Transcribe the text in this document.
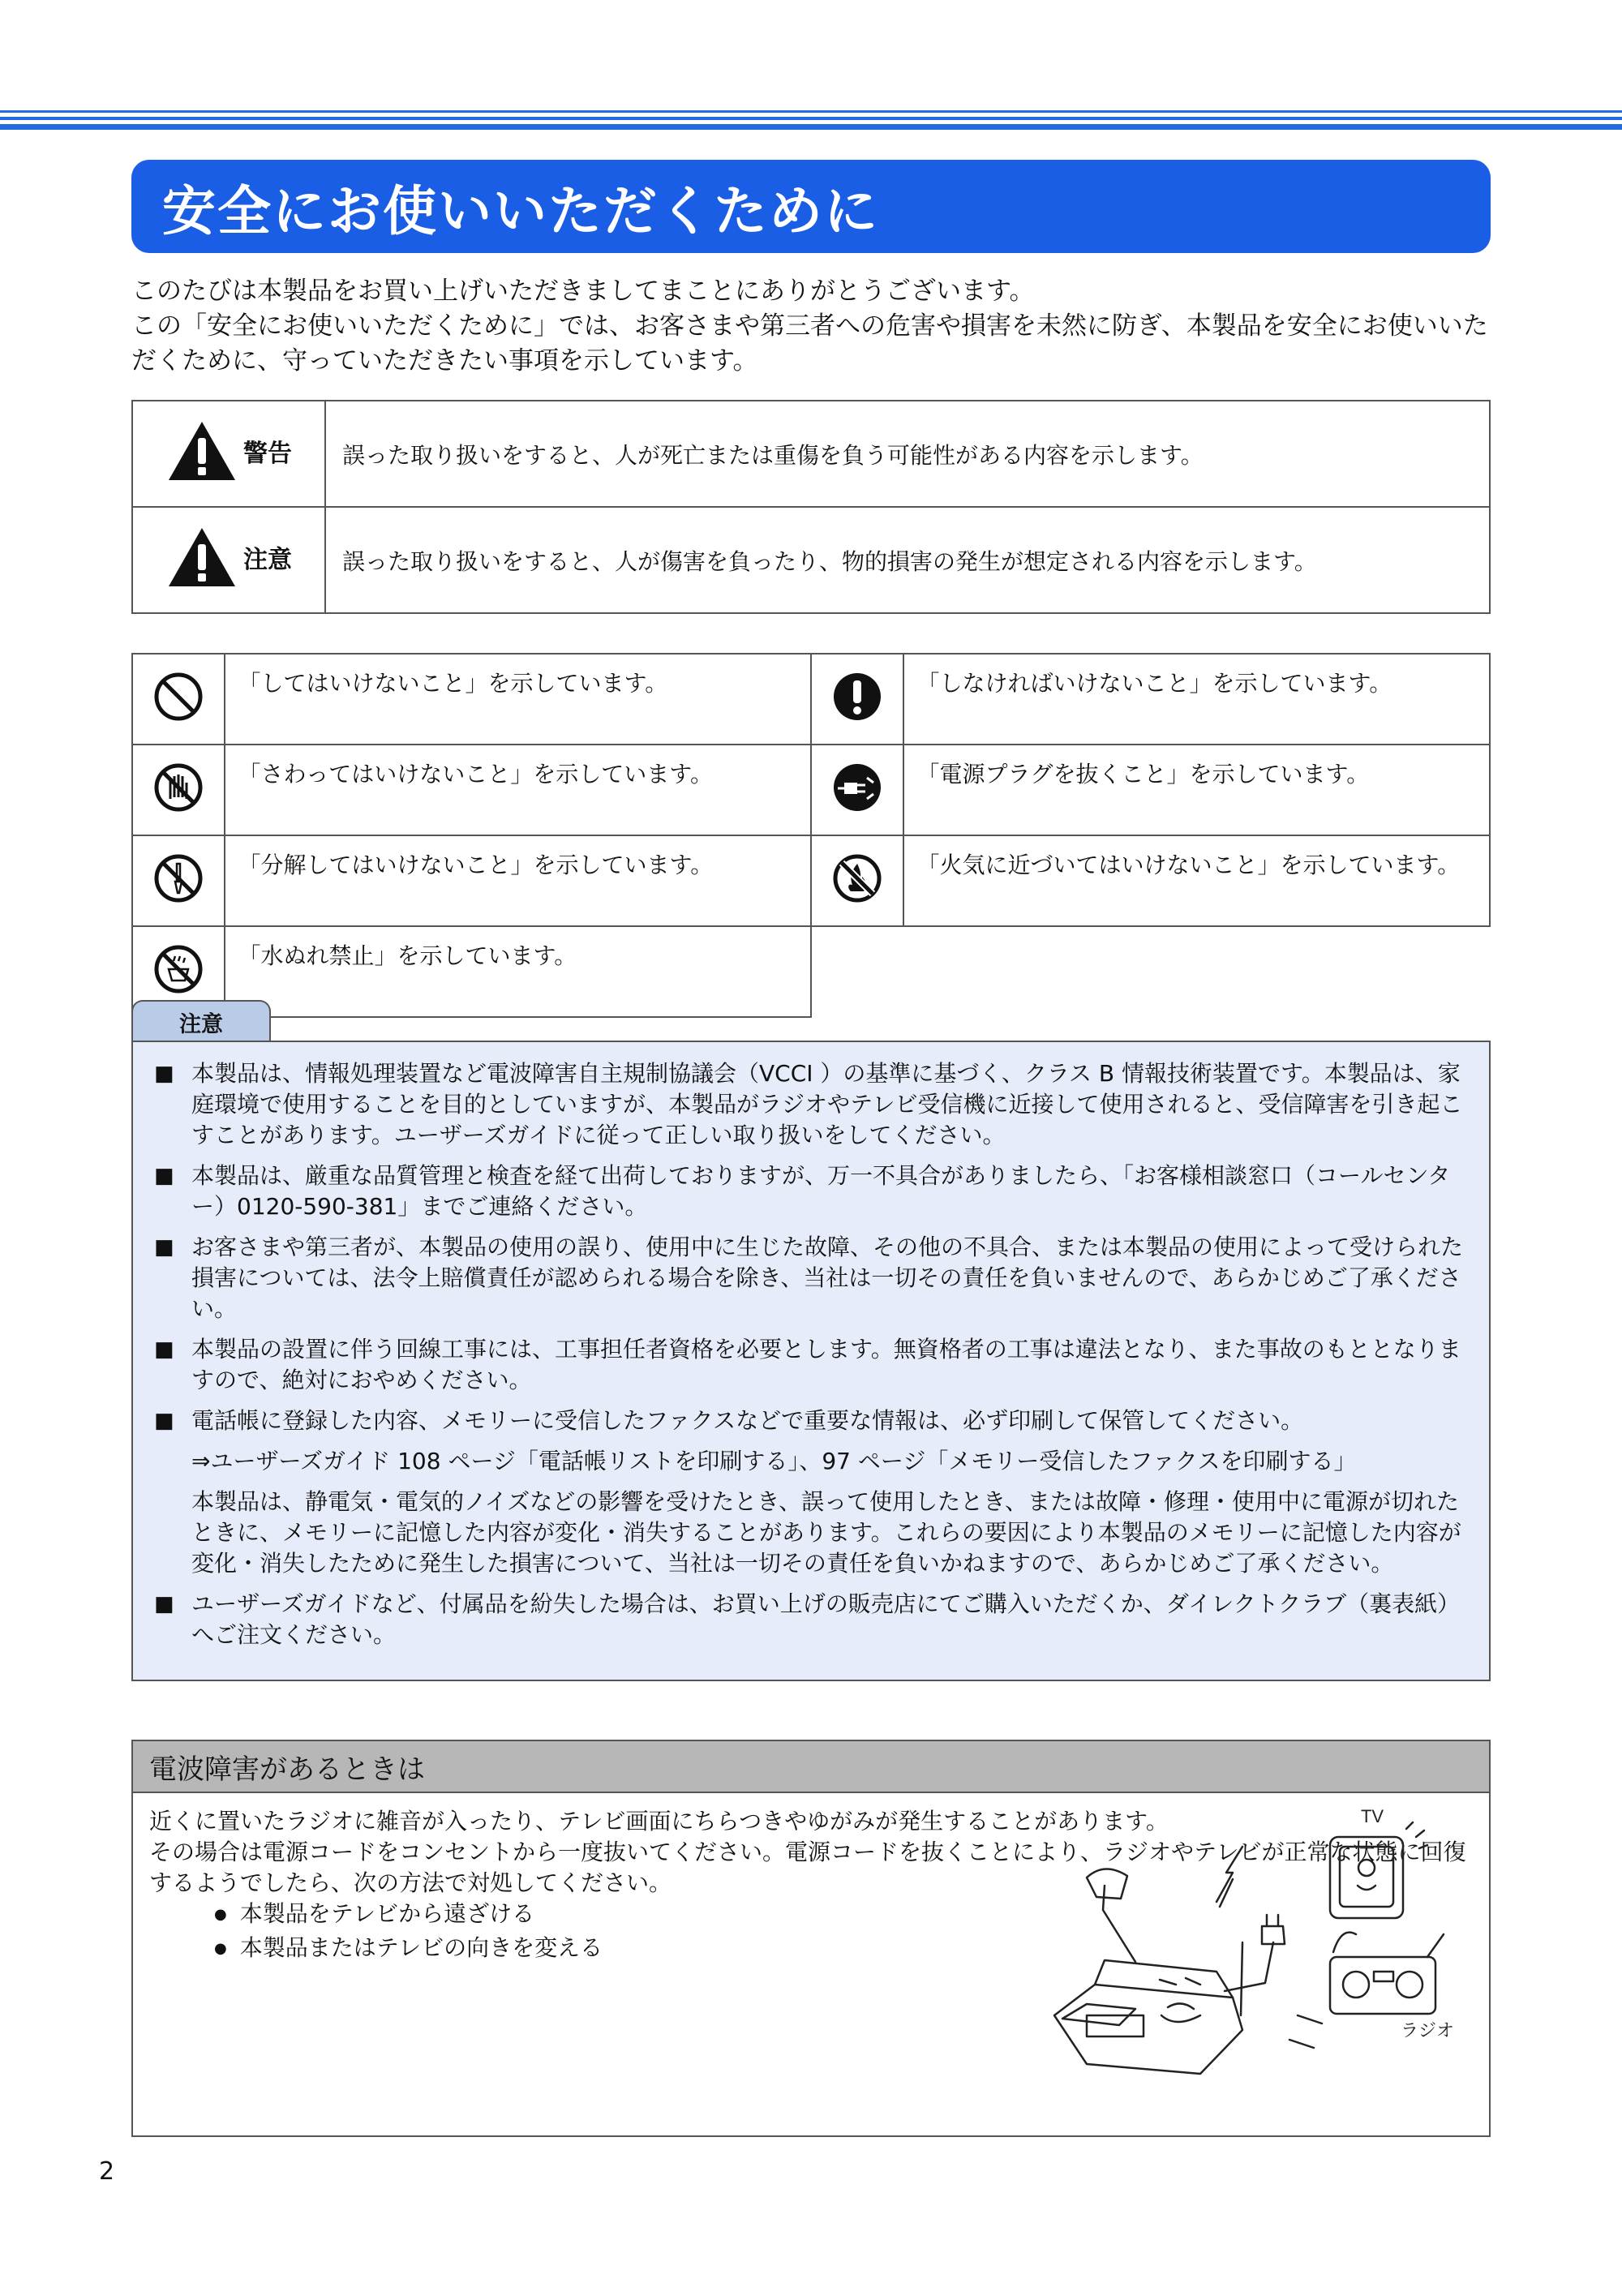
安全にお使いいただくために

このたびは本製品をお買い上げいただきましてまことにありがとうございます。

この「安全にお使いいただくために」では、お客さまや第三者への危害や損害を未然に防ぎ、本製品を安全にお使いいただくために、守っていただきたい事項を示しています。

警告	誤った取り扱いをすると、人が死亡または重傷を負う可能性がある内容を示します。

注意	誤った取り扱いをすると、人が傷害を負ったり、物的損害の発生が想定される内容を示します。
	「してはいけないこと」を示しています。		「しなければいけないこと」を示しています。
	「さわってはいけないこと」を示しています。		「電源プラグを抜くこと」を示しています。
	「分解してはいけないこと」を示しています。		「火気に近づいてはいけないこと」を示しています。
	「水ぬれ禁止」を示しています。		
注意
■ 本製品は、情報処理装置など電波障害自主規制協議会（VCCI ）の基準に基づく、クラス B 情報技術装置です。本製品は、家庭環境で使用することを目的としていますが、本製品がラジオやテレビ受信機に近接して使用されると、受信障害を引き起こすことがあります。ユーザーズガイドに従って正しい取り扱いをしてください。
■ 本製品は、厳重な品質管理と検査を経て出荷しておりますが、万一不具合がありましたら、「お客様相談窓口（コールセンター）0120-590-381」までご連絡ください。
■ お客さまや第三者が、本製品の使用の誤り、使用中に生じた故障、その他の不具合、または本製品の使用によって受けられた損害については、法令上賠償責任が認められる場合を除き、当社は一切その責任を負いませんので、あらかじめご了承ください。
■ 本製品の設置に伴う回線工事には、工事担任者資格を必要とします。無資格者の工事は違法となり、また事故のもととなりますので、絶対におやめください。
■ 電話帳に登録した内容、メモリーに受信したファクスなどで重要な情報は、必ず印刷して保管してください。
⇒ユーザーズガイド 108 ページ「電話帳リストを印刷する」、97 ページ「メモリー受信したファクスを印刷する」
本製品は、静電気・電気的ノイズなどの影響を受けたとき、誤って使用したとき、または故障・修理・使用中に電源が切れたときに、メモリーに記憶した内容が変化・消失することがあります。これらの要因により本製品のメモリーに記憶した内容が変化・消失したために発生した損害について、当社は一切その責任を負いかねますので、あらかじめご了承ください。
■ ユーザーズガイドなど、付属品を紛失した場合は、お買い上げの販売店にてご購入いただくか、ダイレクトクラブ（裏表紙）へご注文ください。
電波障害があるときは

近くに置いたラジオに雑音が入ったり、テレビ画面にちらつきやゆがみが発生することがあります。

その場合は電源コードをコンセントから一度抜いてください。電源コードを抜くことにより、ラジオやテレビが正常な状態に回復するようでしたら、次の方法で対処してください。

● 本製品をテレビから遠ざける
● 本製品またはテレビの向きを変える
TV
ラジオ
2
